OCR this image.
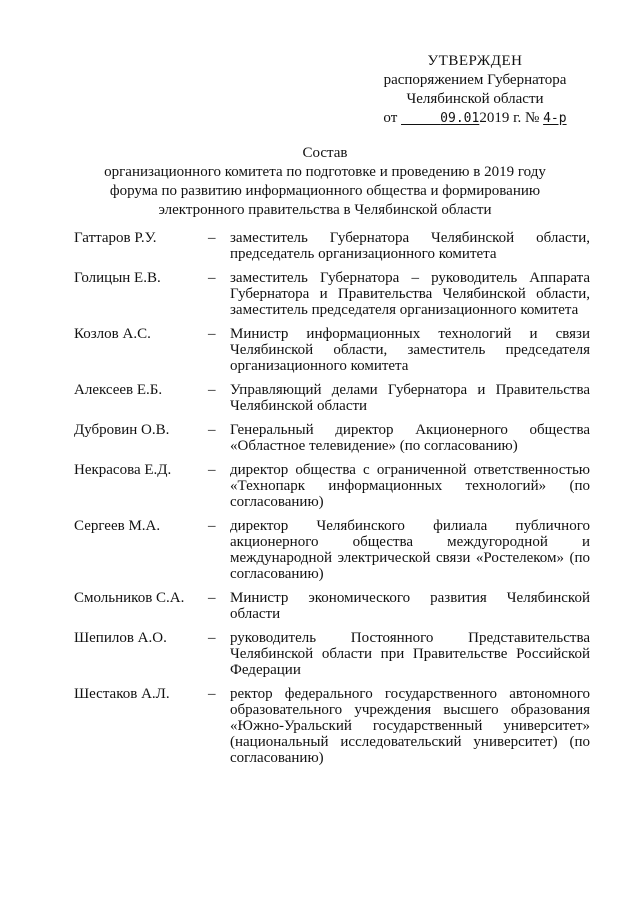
УТВЕРЖДЕН
распоряжением Губернатора
Челябинской области
от	09.012019 г. № 4-р
Состав
организационного комитета по подготовке и проведению в 2019 году
форума по развитию информационного общества и формированию
электронного правительства в Челябинской области
Гаттаров Р.У.	– заместитель Губернатора Челябинской области, председатель организационного комитета
Голицын Е.В.	– заместитель Губернатора – руководитель Аппарата Губернатора и Правительства Челябинской области, заместитель председателя организационного комитета
Козлов А.С.	– Министр информационных технологий и связи Челябинской области, заместитель председателя организационного комитета
Алексеев Е.Б.	– Управляющий делами Губернатора и Правительства Челябинской области
Дубровин О.В.	– Генеральный директор Акционерного общества «Областное телевидение» (по согласованию)
Некрасова Е.Д.	– директор общества с ограниченной ответственностью «Технопарк информационных технологий» (по согласованию)
Сергеев М.А.	– директор Челябинского филиала публичного акционерного общества междугородной и международной электрической связи «Ростелеком» (по согласованию)
Смольников С.А.	– Министр экономического развития Челябинской области
Шепилов А.О.	– руководитель Постоянного Представительства Челябинской области при Правительстве Российской Федерации
Шестаков А.Л.	– ректор федерального государственного автономного образовательного учреждения высшего образования «Южно-Уральский государственный университет» (национальный исследовательский университет) (по согласованию)
